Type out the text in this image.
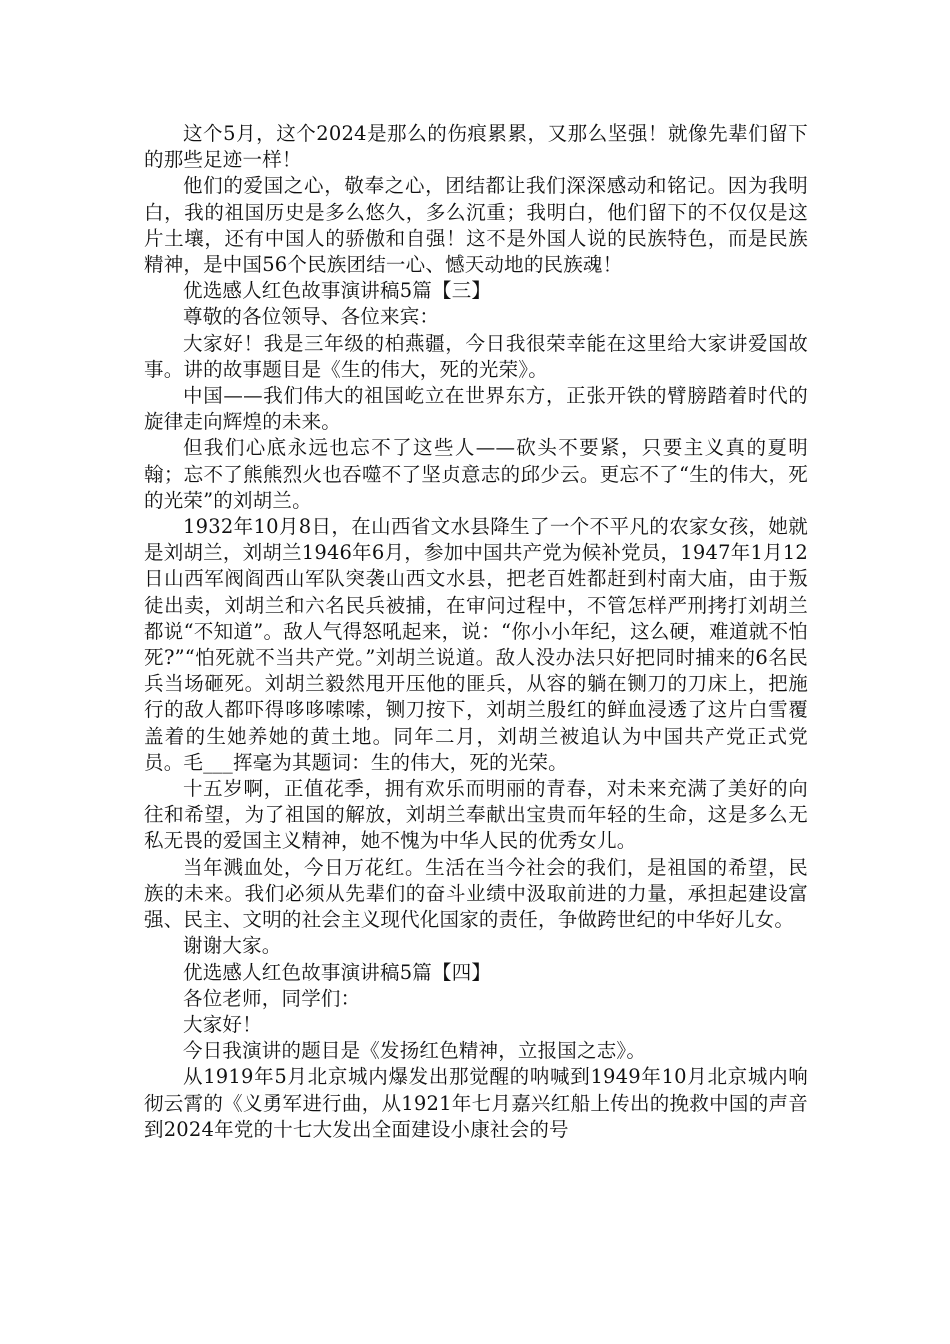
这个5月，这个2024是那么的伤痕累累，又那么坚强！就像先辈们留下的那些足迹一样！

他们的爱国之心，敬奉之心，团结都让我们深深感动和铭记。因为我明白，我的祖国历史是多么悠久，多么沉重；我明白，他们留下的不仅仅是这片土壤，还有中国人的骄傲和自强！这不是外国人说的民族特色，而是民族精神，是中国56个民族团结一心、憾天动地的民族魂！

优选感人红色故事演讲稿5篇【三】

尊敬的各位领导、各位来宾：

大家好！我是三年级的柏燕疆，今日我很荣幸能在这里给大家讲爱国故事。讲的故事题目是《生的伟大，死的光荣》。

中国——我们伟大的祖国屹立在世界东方，正张开铁的臂膀踏着时代的旋律走向辉煌的未来。

但我们心底永远也忘不了这些人——砍头不要紧，只要主义真的夏明翰；忘不了熊熊烈火也吞噬不了坚贞意志的邱少云。更忘不了“生的伟大，死的光荣”的刘胡兰。

1932年10月8日，在山西省文水县降生了一个不平凡的农家女孩，她就是刘胡兰，刘胡兰1946年6月，参加中国共产党为候补党员，1947年1月12日山西军阀阎西山军队突袭山西文水县，把老百姓都赶到村南大庙，由于叛徒出卖，刘胡兰和六名民兵被捕，在审问过程中，不管怎样严刑拷打刘胡兰都说“不知道”。敌人气得怒吼起来，说：“你小小年纪，这么硬，难道就不怕死?”“怕死就不当共产党。”刘胡兰说道。敌人没办法只好把同时捕来的6名民兵当场砸死。刘胡兰毅然甩开压他的匪兵，从容的躺在铡刀的刀床上，把施行的敌人都吓得哆哆嗦嗦，铡刀按下，刘胡兰殷红的鲜血浸透了这片白雪覆盖着的生她养她的黄土地。同年二月，刘胡兰被追认为中国共产党正式党员。毛___挥毫为其题词：生的伟大，死的光荣。

十五岁啊，正值花季，拥有欢乐而明丽的青春，对未来充满了美好的向往和希望，为了祖国的解放，刘胡兰奉献出宝贵而年轻的生命，这是多么无私无畏的爱国主义精神，她不愧为中华人民的优秀女儿。

当年溅血处，今日万花红。生活在当今社会的我们，是祖国的希望，民族的未来。我们必须从先辈们的奋斗业绩中汲取前进的力量，承担起建设富强、民主、文明的社会主义现代化国家的责任，争做跨世纪的中华好儿女。

谢谢大家。

优选感人红色故事演讲稿5篇【四】

各位老师，同学们：

大家好！

今日我演讲的题目是《发扬红色精神，立报国之志》。

从1919年5月北京城内爆发出那觉醒的呐喊到1949年10月北京城内响彻云霄的《义勇军进行曲，从1921年七月嘉兴红船上传出的挽救中国的声音到2024年党的十七大发出全面建设小康社会的号
